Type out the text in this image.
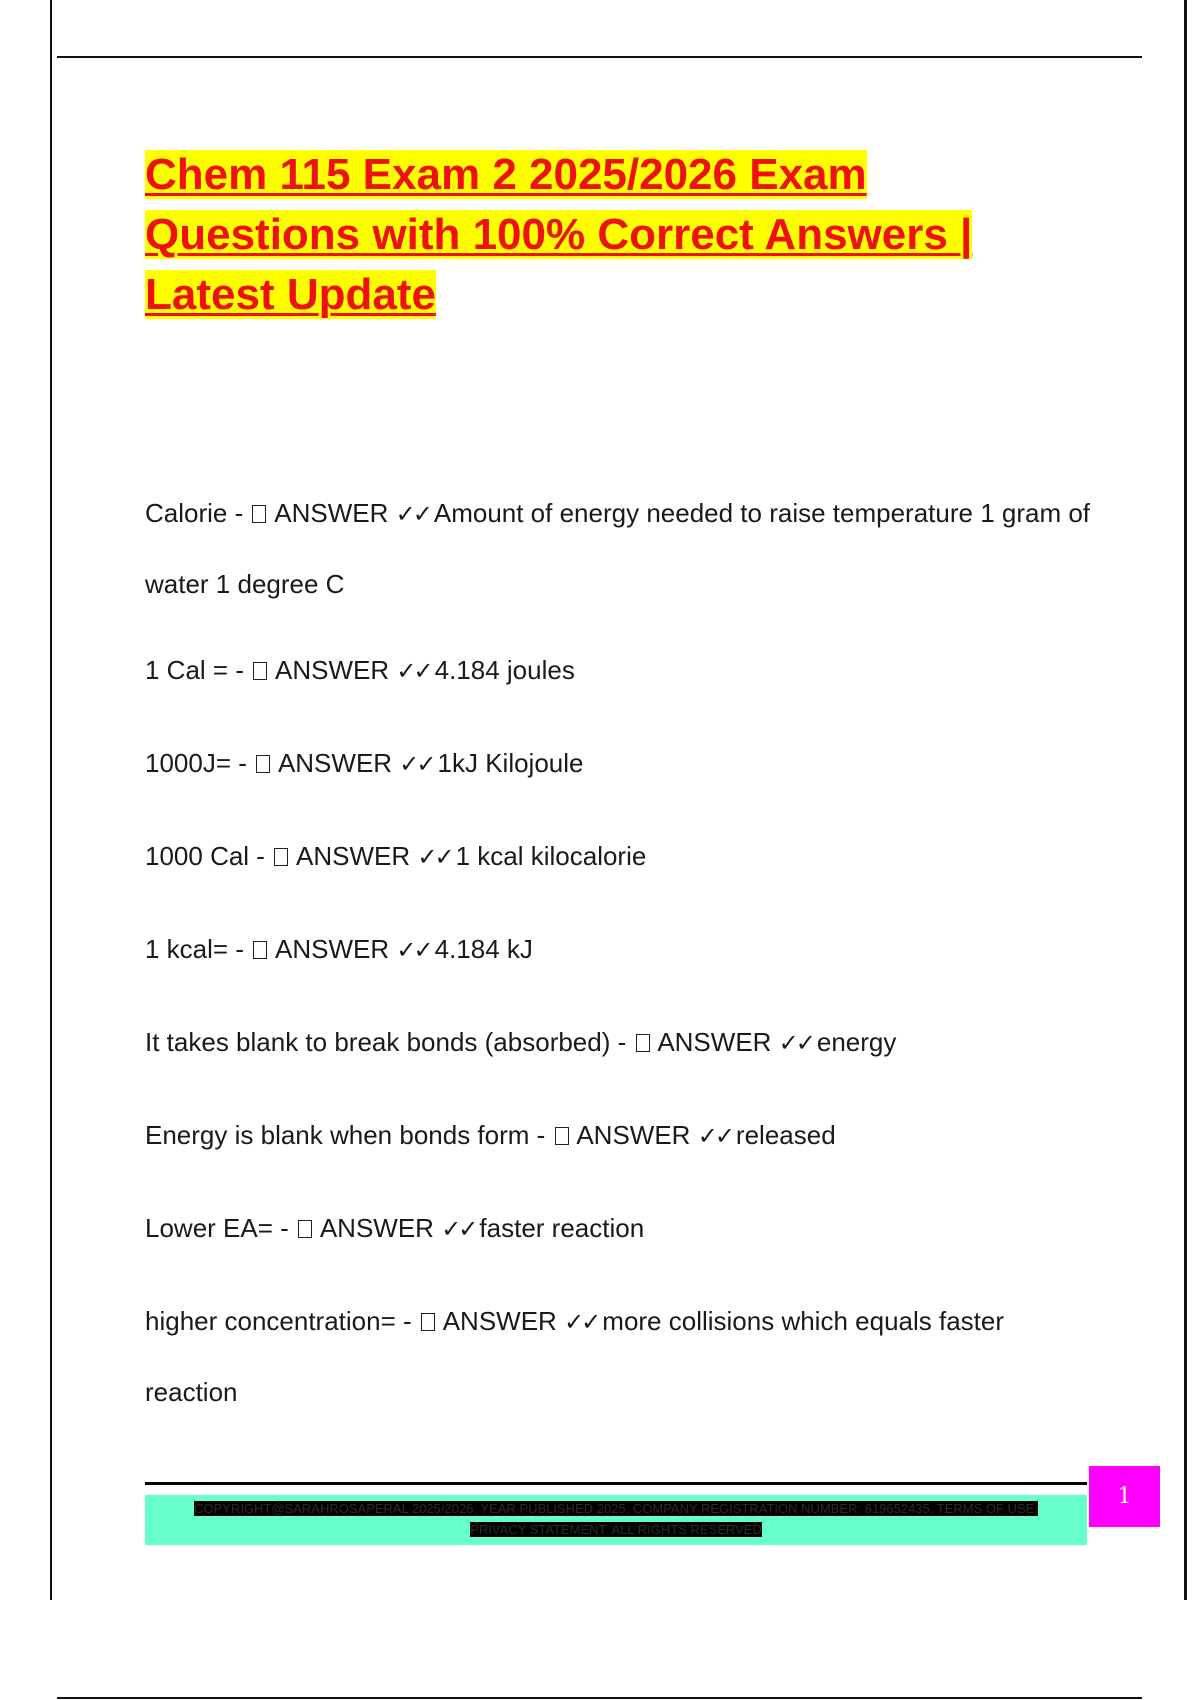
Chem 115 Exam 2 2025/2026 Exam Questions with 100% Correct Answers | Latest Update
Calorie - ANSWER ✓✓ Amount of energy needed to raise temperature 1 gram of water 1 degree C
1 Cal = - ANSWER ✓✓ 4.184 joules
1000J= - ANSWER ✓✓ 1kJ Kilojoule
1000 Cal - ANSWER ✓✓ 1 kcal kilocalorie
1 kcal= - ANSWER ✓✓ 4.184 kJ
It takes blank to break bonds (absorbed) - ANSWER ✓✓ energy
Energy is blank when bonds form - ANSWER ✓✓ released
Lower EA= - ANSWER ✓✓ faster reaction
higher concentration= - ANSWER ✓✓ more collisions which equals faster reaction
COPYRIGHT@SARAHROSAPERAL 2025/2026. YEAR PUBLISHED 2025. COMPANY REGISTRATION NUMBER: 619652435. TERMS OF USE.
PRIVACY STATEMENT. ALL RIGHTS RESERVED
1
